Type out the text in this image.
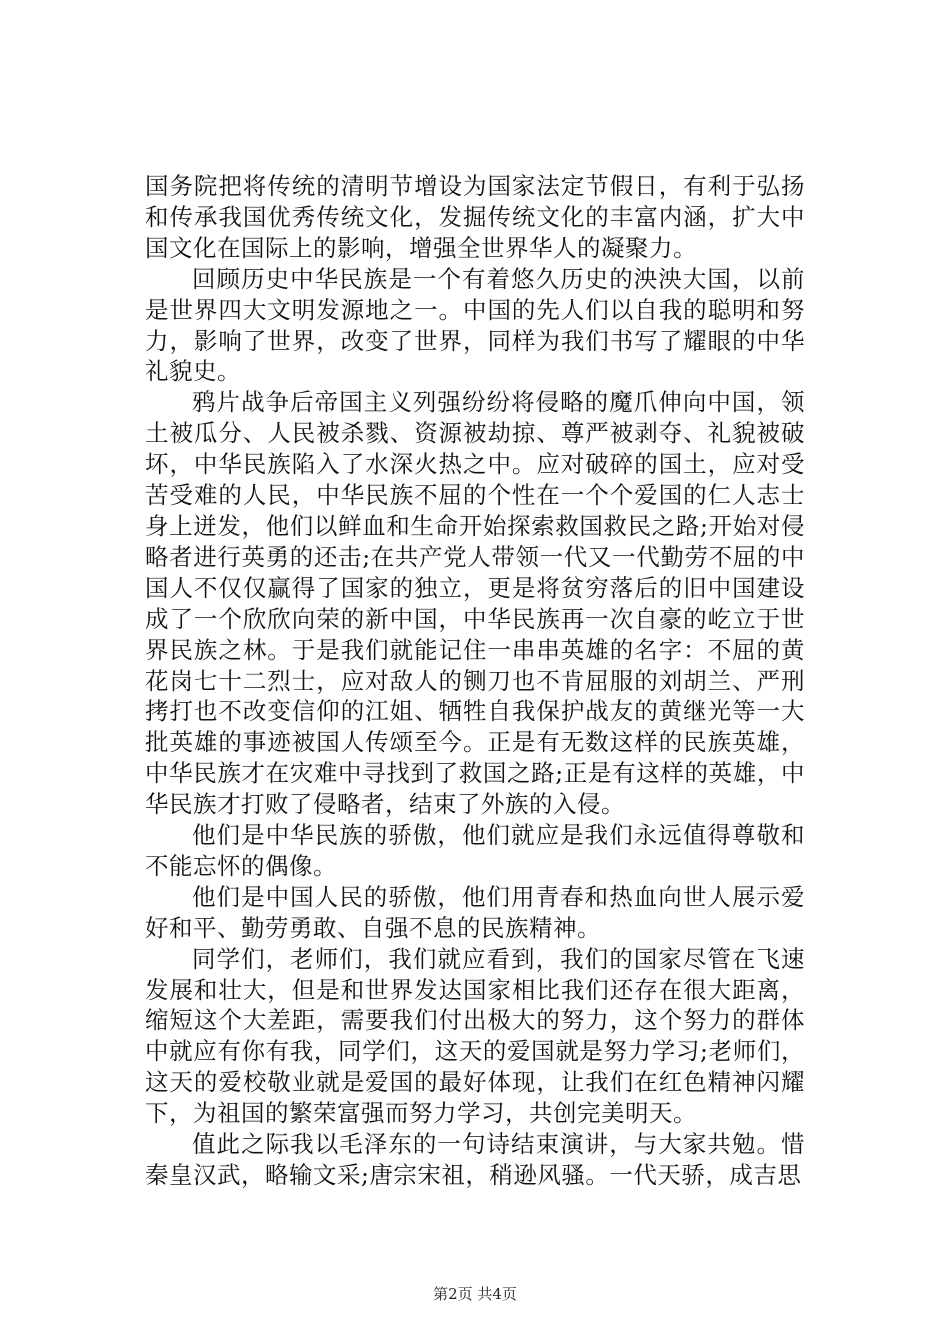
国务院把将传统的清明节增设为国家法定节假日，有利于弘扬和传承我国优秀传统文化，发掘传统文化的丰富内涵，扩大中国文化在国际上的影响，增强全世界华人的凝聚力。

回顾历史中华民族是一个有着悠久历史的泱泱大国，以前是世界四大文明发源地之一。中国的先人们以自我的聪明和努力，影响了世界，改变了世界，同样为我们书写了耀眼的中华礼貌史。

鸦片战争后帝国主义列强纷纷将侵略的魔爪伸向中国，领土被瓜分、人民被杀戮、资源被劫掠、尊严被剥夺、礼貌被破坏，中华民族陷入了水深火热之中。应对破碎的国土，应对受苦受难的人民，中华民族不屈的个性在一个个爱国的仁人志士身上迸发，他们以鲜血和生命开始探索救国救民之路;开始对侵略者进行英勇的还击;在共产党人带领一代又一代勤劳不屈的中国人不仅仅赢得了国家的独立，更是将贫穷落后的旧中国建设成了一个欣欣向荣的新中国，中华民族再一次自豪的屹立于世界民族之林。于是我们就能记住一串串英雄的名字：不屈的黄花岗七十二烈士，应对敌人的铡刀也不肯屈服的刘胡兰、严刑拷打也不改变信仰的江姐、牺牲自我保护战友的黄继光等一大批英雄的事迹被国人传颂至今。正是有无数这样的民族英雄，中华民族才在灾难中寻找到了救国之路;正是有这样的英雄，中华民族才打败了侵略者，结束了外族的入侵。

他们是中华民族的骄傲，他们就应是我们永远值得尊敬和不能忘怀的偶像。

他们是中国人民的骄傲，他们用青春和热血向世人展示爱好和平、勤劳勇敢、自强不息的民族精神。

同学们，老师们，我们就应看到，我们的国家尽管在飞速发展和壮大，但是和世界发达国家相比我们还存在很大距离，缩短这个大差距，需要我们付出极大的努力，这个努力的群体中就应有你有我，同学们，这天的爱国就是努力学习;老师们，这天的爱校敬业就是爱国的最好体现，让我们在红色精神闪耀下，为祖国的繁荣富强而努力学习，共创完美明天。

值此之际我以毛泽东的一句诗结束演讲，与大家共勉。惜秦皇汉武，略输文采;唐宗宋祖，稍逊风骚。一代天骄，成吉思

第2页 共4页
